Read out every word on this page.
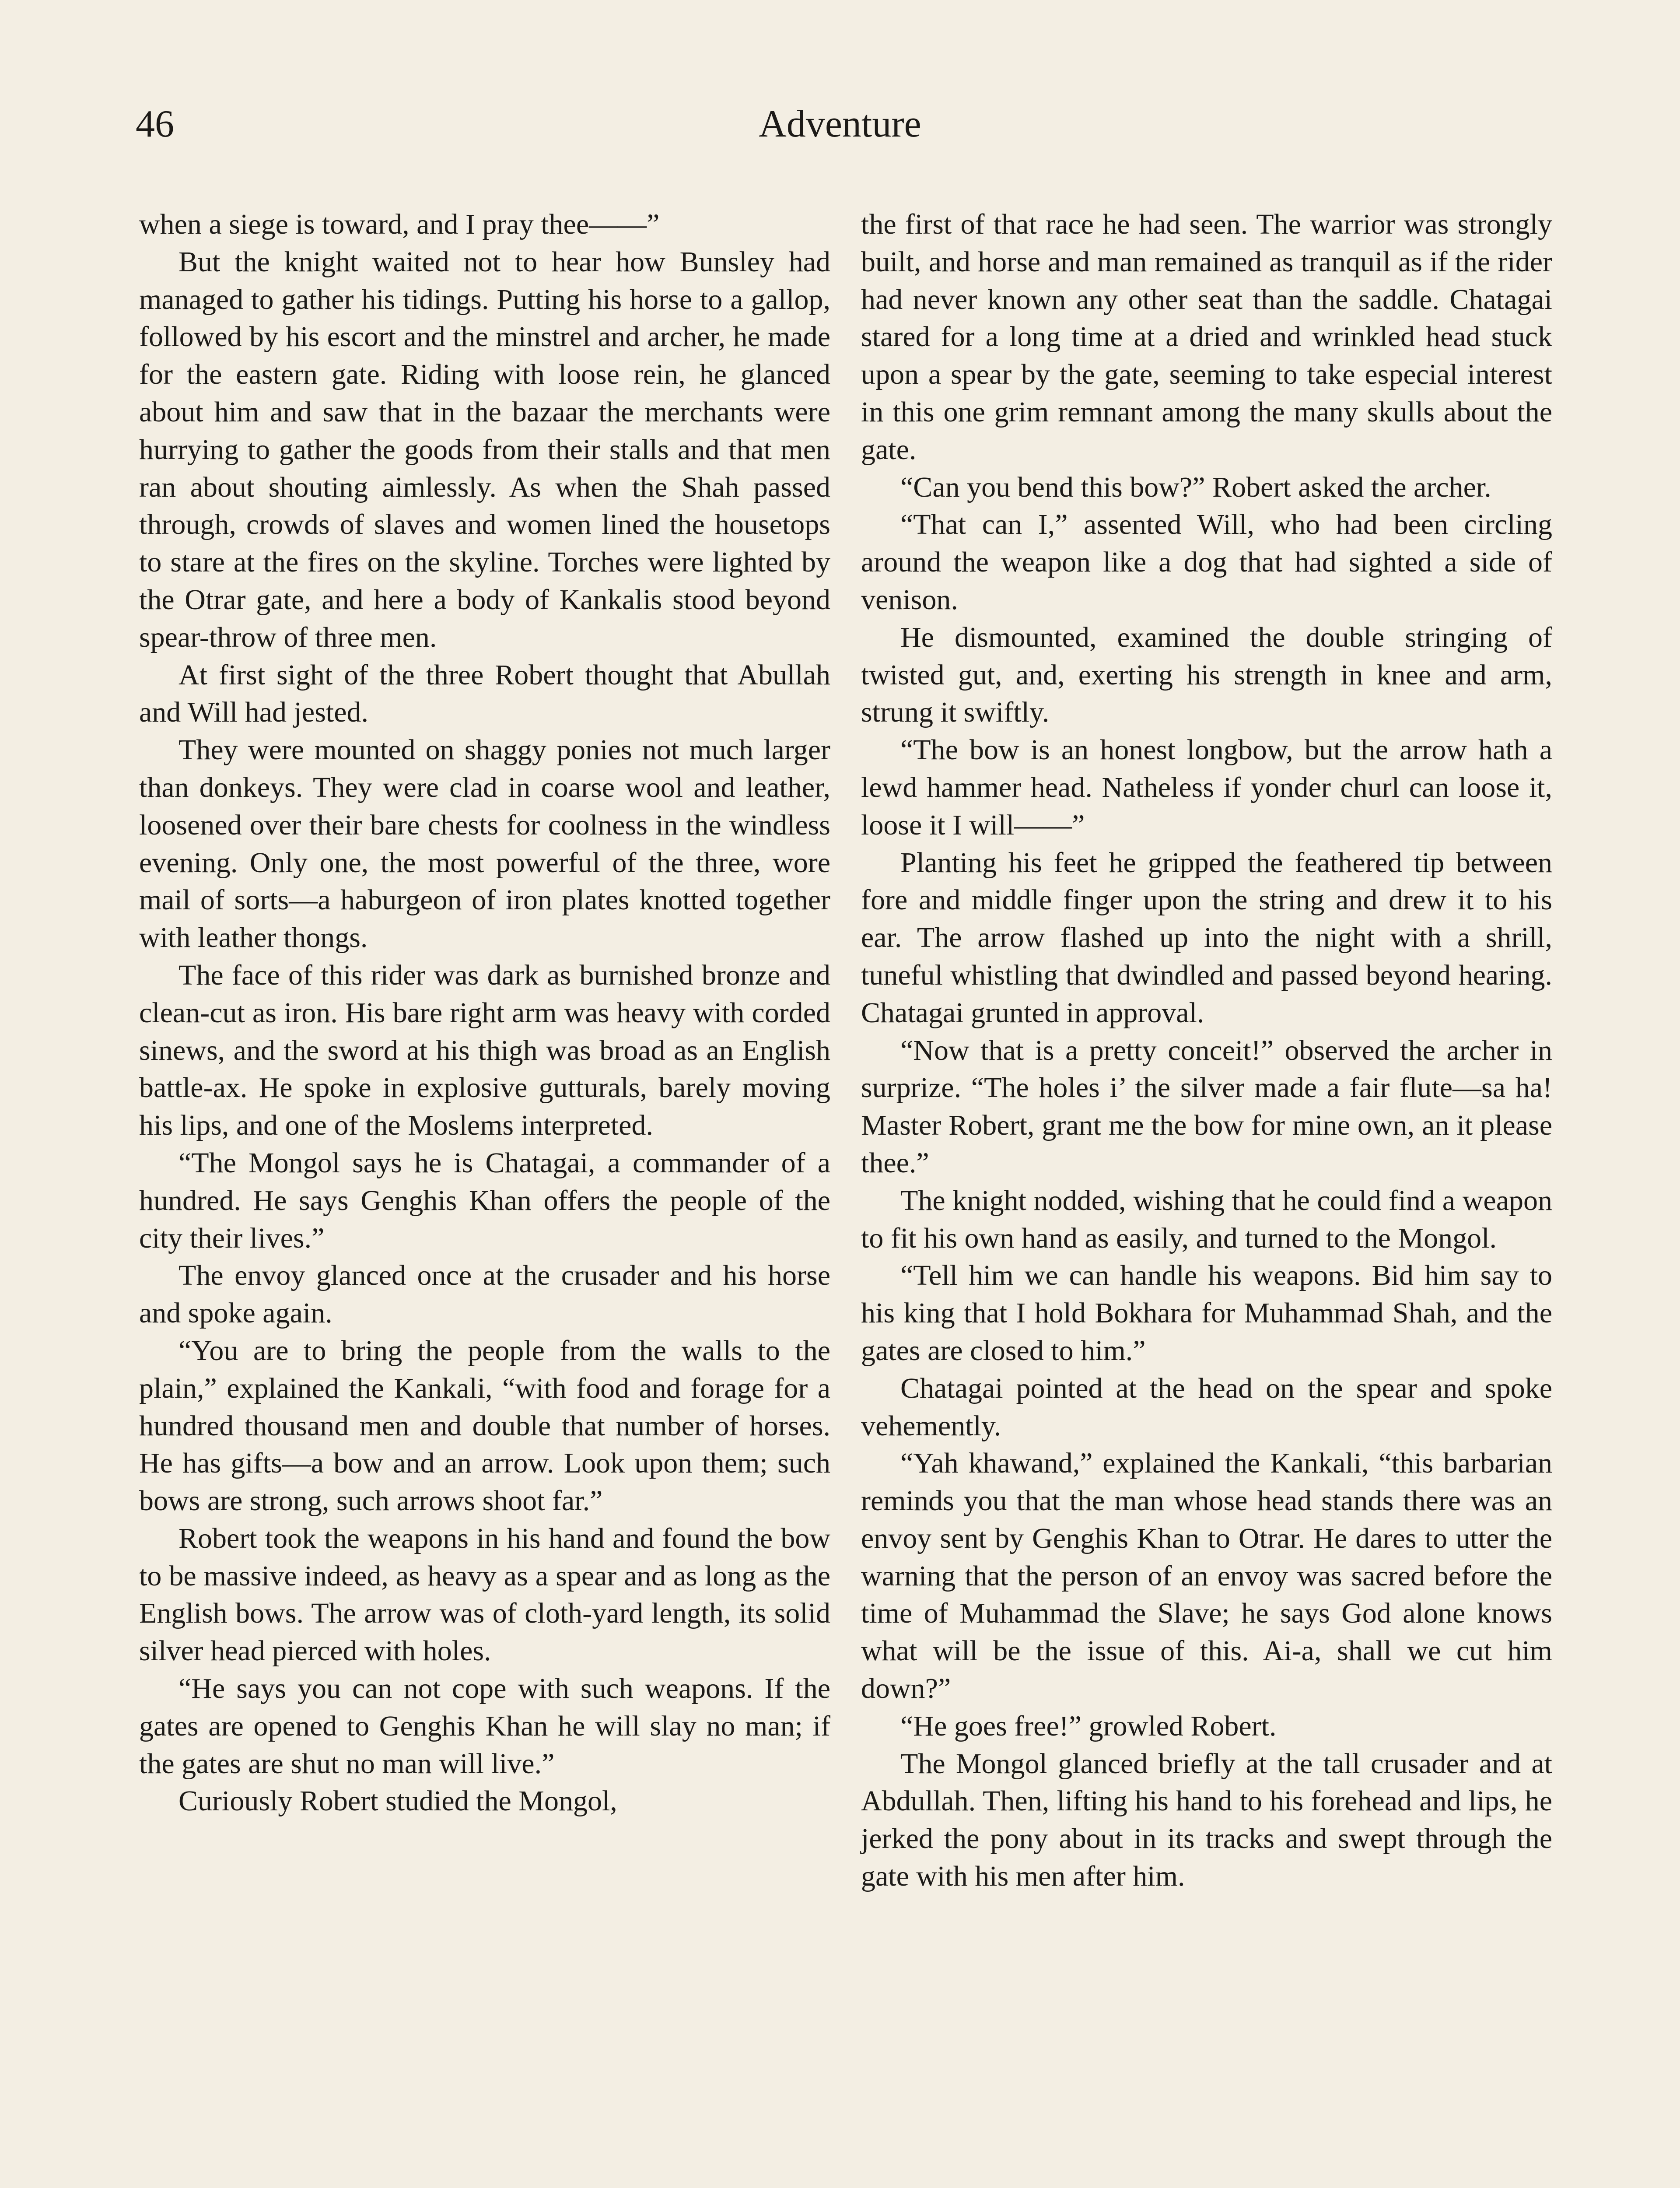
46	Adventure

when a siege is toward, and I pray thee——”

But the knight waited not to hear how Bunsley had managed to gather his tidings. Putting his horse to a gallop, followed by his escort and the minstrel and archer, he made for the eastern gate. Riding with loose rein, he glanced about him and saw that in the bazaar the merchants were hurrying to gather the goods from their stalls and that men ran about shouting aimlessly. As when the Shah passed through, crowds of slaves and women lined the housetops to stare at the fires on the skyline. Torches were lighted by the Otrar gate, and here a body of Kankalis stood beyond spear-throw of three men.

At first sight of the three Robert thought that Abullah and Will had jested.

They were mounted on shaggy ponies not much larger than donkeys. They were clad in coarse wool and leather, loosened over their bare chests for coolness in the windless evening. Only one, the most powerful of the three, wore mail of sorts—a haburgeon of iron plates knotted together with leather thongs.

The face of this rider was dark as burnished bronze and clean-cut as iron. His bare right arm was heavy with corded sinews, and the sword at his thigh was broad as an English battle-ax. He spoke in explosive gutturals, barely moving his lips, and one of the Moslems interpreted.

“The Mongol says he is Chatagai, a commander of a hundred. He says Genghis Khan offers the people of the city their lives.”

The envoy glanced once at the crusader and his horse and spoke again.

“You are to bring the people from the walls to the plain,” explained the Kankali, “with food and forage for a hundred thousand men and double that number of horses. He has gifts—a bow and an arrow. Look upon them; such bows are strong, such arrows shoot far.”

Robert took the weapons in his hand and found the bow to be massive indeed, as heavy as a spear and as long as the English bows. The arrow was of cloth-yard length, its solid silver head pierced with holes.

“He says you can not cope with such weapons. If the gates are opened to Genghis Khan he will slay no man; if the gates are shut no man will live.”

Curiously Robert studied the Mongol,

the first of that race he had seen. The warrior was strongly built, and horse and man remained as tranquil as if the rider had never known any other seat than the saddle. Chatagai stared for a long time at a dried and wrinkled head stuck upon a spear by the gate, seeming to take especial interest in this one grim remnant among the many skulls about the gate.

“Can you bend this bow?” Robert asked the archer.

“That can I,” assented Will, who had been circling around the weapon like a dog that had sighted a side of venison.

He dismounted, examined the double stringing of twisted gut, and, exerting his strength in knee and arm, strung it swiftly.

“The bow is an honest longbow, but the arrow hath a lewd hammer head. Natheless if yonder churl can loose it, loose it I will——”

Planting his feet he gripped the feathered tip between fore and middle finger upon the string and drew it to his ear. The arrow flashed up into the night with a shrill, tuneful whistling that dwindled and passed beyond hearing. Chatagai grunted in approval.

“Now that is a pretty conceit!” observed the archer in surprize. “The holes i’ the silver made a fair flute—sa ha! Master Robert, grant me the bow for mine own, an it please thee.”

The knight nodded, wishing that he could find a weapon to fit his own hand as easily, and turned to the Mongol.

“Tell him we can handle his weapons. Bid him say to his king that I hold Bokhara for Muhammad Shah, and the gates are closed to him.”

Chatagai pointed at the head on the spear and spoke vehemently.

“Yah khawand,” explained the Kankali, “this barbarian reminds you that the man whose head stands there was an envoy sent by Genghis Khan to Otrar. He dares to utter the warning that the person of an envoy was sacred before the time of Muhammad the Slave; he says God alone knows what will be the issue of this. Ai-a, shall we cut him down?”

“He goes free!” growled Robert.

The Mongol glanced briefly at the tall crusader and at Abdullah. Then, lifting his hand to his forehead and lips, he jerked the pony about in its tracks and swept through the gate with his men after him.
